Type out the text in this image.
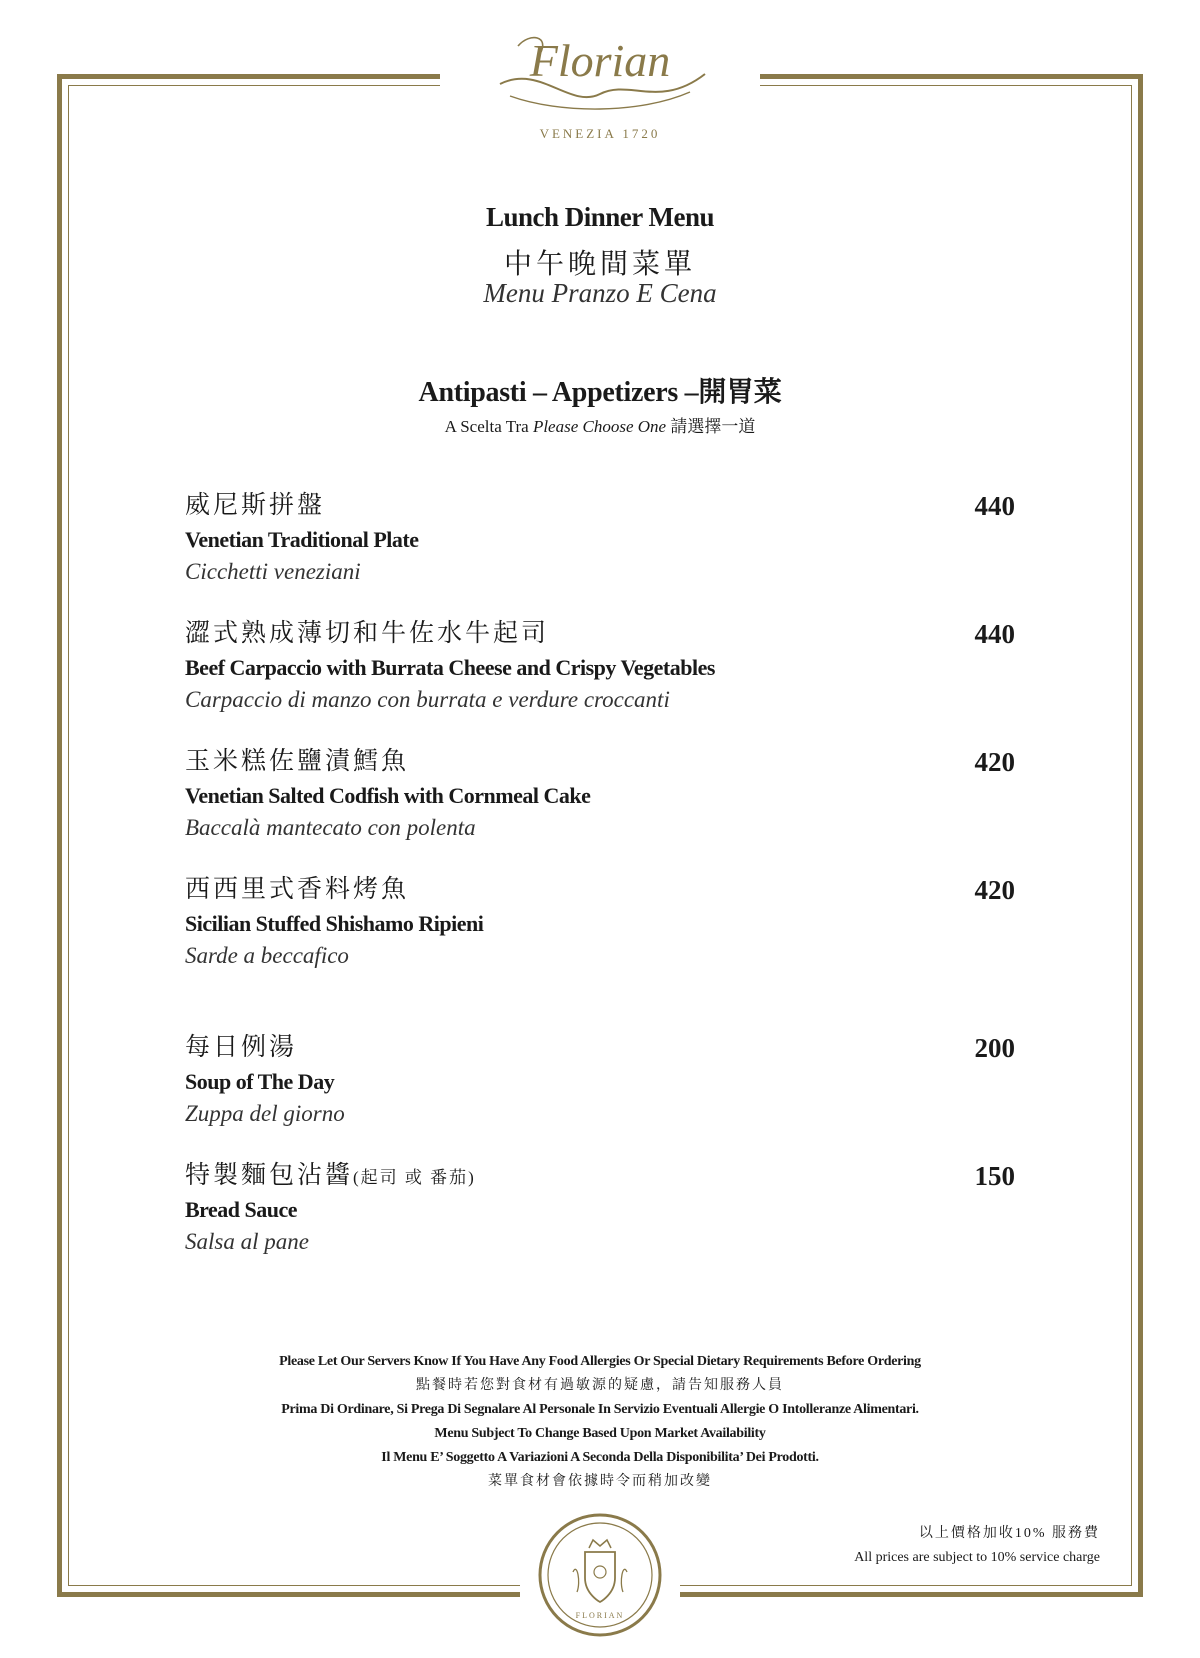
Florian
VENEZIA 1720
Lunch Dinner Menu
中午晚間菜單
Menu Pranzo E Cena
Antipasti – Appetizers –開胃菜
A Scelta Tra Please Choose One 請選擇一道
威尼斯拼盤
Venetian Traditional Plate
Cicchetti veneziani
440
澀式熟成薄切和牛佐水牛起司
Beef Carpaccio with Burrata Cheese and Crispy Vegetables
Carpaccio di manzo con burrata e verdure croccanti
440
玉米糕佐鹽漬鱈魚
Venetian Salted Codfish with Cornmeal Cake
Baccalà mantecato con polenta
420
西西里式香料烤魚
Sicilian Stuffed Shishamo Ripieni
Sarde a beccafico
420
每日例湯
Soup of The Day
Zuppa del giorno
200
特製麵包沾醬(起司 或 番茄)
Bread Sauce
Salsa al pane
150
Please Let Our Servers Know If You Have Any Food Allergies Or Special Dietary Requirements Before Ordering
點餐時若您對食材有過敏源的疑慮，請告知服務人員
Prima Di Ordinare, Si Prega Di Segnalare Al Personale In Servizio Eventuali Allergie O Intolleranze Alimentari.
Menu Subject To Change Based Upon Market Availability
Il Menu E’ Soggetto A Variazioni A Seconda Della Disponibilita’ Dei Prodotti.
菜單食材會依據時令而稍加改變
以上價格加收10% 服務費
All prices are subject to 10% service charge
FLORIAN
